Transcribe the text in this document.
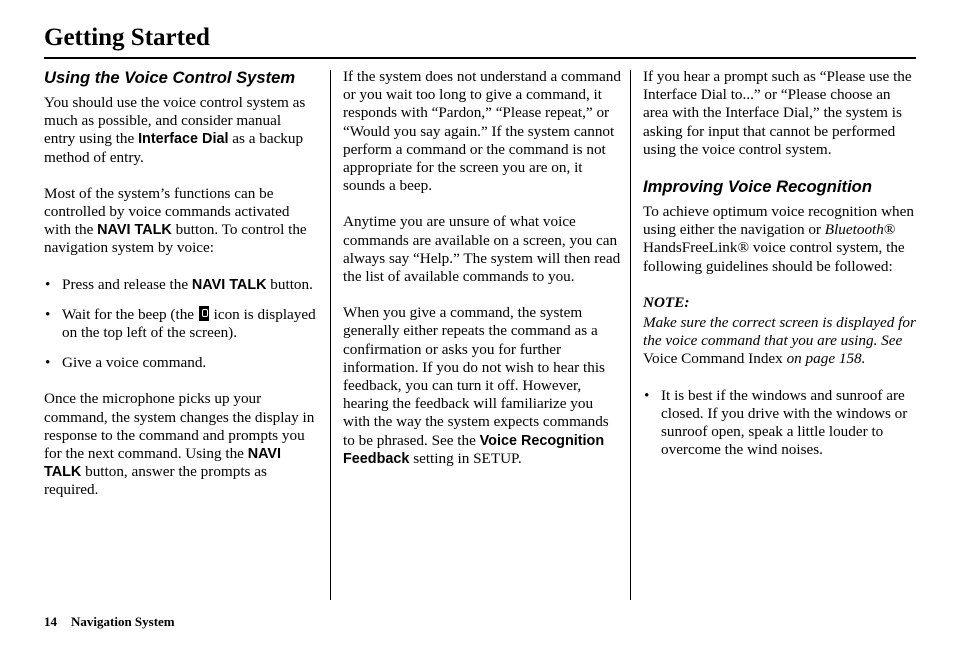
Getting Started
Using the Voice Control System

You should use the voice control system as much as possible, and consider manual entry using the Interface Dial as a backup method of entry.

Most of the system’s functions can be controlled by voice commands activated with the NAVI TALK button. To control the navigation system by voice:

• Press and release the NAVI TALK button.
• Wait for the beep (the  icon is displayed on the top left of the screen).
• Give a voice command.

Once the microphone picks up your command, the system changes the display in response to the command and prompts you for the next command. Using the NAVI TALK button, answer the prompts as required.

If the system does not understand a command or you wait too long to give a command, it responds with “Pardon,” “Please repeat,” or “Would you say again.” If the system cannot perform a command or the command is not appropriate for the screen you are on, it sounds a beep.

Anytime you are unsure of what voice commands are available on a screen, you can always say “Help.” The system will then read the list of available commands to you.

When you give a command, the system generally either repeats the command as a confirmation or asks you for further information. If you do not wish to hear this feedback, you can turn it off. However, hearing the feedback will familiarize you with the way the system expects commands to be phrased. See the Voice Recognition Feedback setting in SETUP.

If you hear a prompt such as “Please use the Interface Dial to...” or “Please choose an area with the Interface Dial,” the system is asking for input that cannot be performed using the voice control system.

Improving Voice Recognition

To achieve optimum voice recognition when using either the navigation or Bluetooth® HandsFreeLink® voice control system, the following guidelines should be followed:

NOTE:

Make sure the correct screen is displayed for the voice command that you are using. See Voice Command Index on page 158.

• It is best if the windows and sunroof are closed. If you drive with the windows or sunroof open, speak a little louder to overcome the wind noises.
14 Navigation System
